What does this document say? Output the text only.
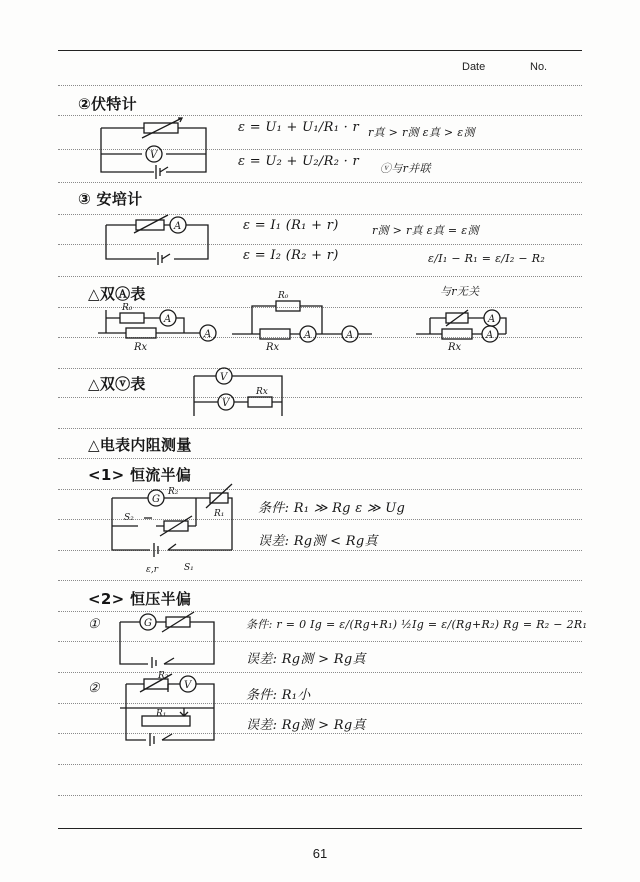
Date	No.
②伏特计
V
ε = U₁ + U₁/R₁ · r
ε = U₂ + U₂/R₂ · r
r真 > r测 ε真 > ε测
ⓥ与r并联
③ 安培计
A	ε = I₁ (R₁ + r)
ε = I₂ (R₂ + r)
r测 > r真 ε真 = ε测
ε/I₁ − R₁ = ε/I₂ − R₂
△双Ⓐ表	与r无关
A
A
R₀
Rx
A	A
R₀
Rx
A
A
Rx
△双ⓥ表	V
V
Rx
△电表内阻测量
<1> 恒流半偏
G
S₂
R₂
R₁
ε,r	S₁
条件: R₁ ≫ Rg ε ≫ Ug
误差: Rg测 < Rg真
<2> 恒压半偏
①	G	条件: r = 0 Ig = ε/(Rg+R₁) ½Ig = ε/(Rg+R₂) Rg = R₂ − 2R₁
误差: Rg测 > Rg真
②	V
R₂
R₁
条件: R₁小
误差: Rg测 > Rg真
61
